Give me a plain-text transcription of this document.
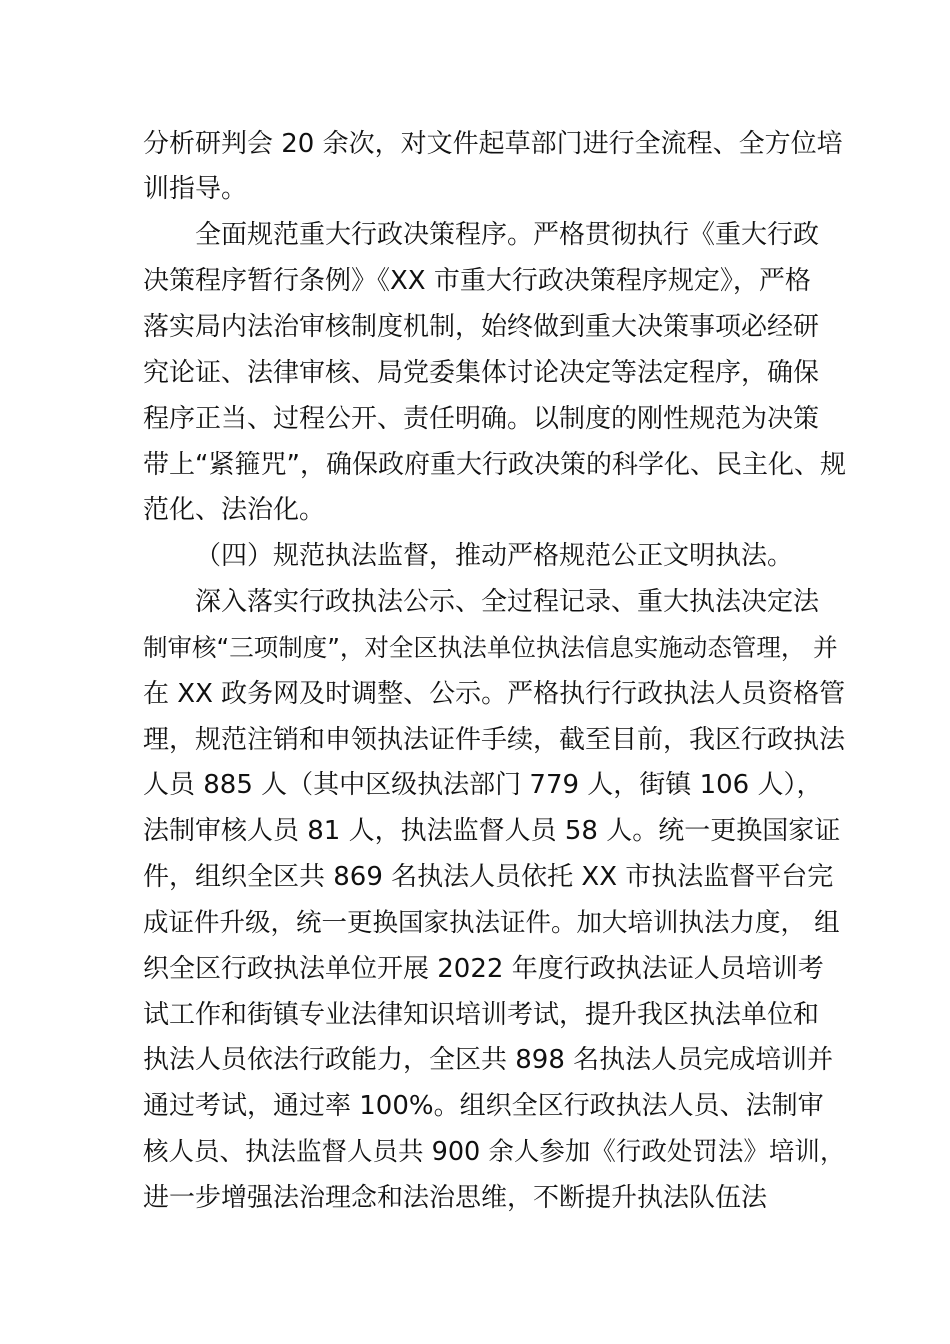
分析研判会 20 余次，对文件起草部门进行全流程、全方位培
训指导。
全面规范重大行政决策程序。严格贯彻执行《重大行政
决策程序暂行条例》《XX 市重大行政决策程序规定》，严格
落实局内法治审核制度机制，始终做到重大决策事项必经研
究论证、法律审核、局党委集体讨论决定等法定程序，确保
程序正当、过程公开、责任明确。以制度的刚性规范为决策
带上“紧箍咒”，确保政府重大行政决策的科学化、民主化、规
范化、法治化。
（四）规范执法监督，推动严格规范公正文明执法。
深入落实行政执法公示、全过程记录、重大执法决定法
制审核“三项制度”，对全区执法单位执法信息实施动态管理， 并
在 XX 政务网及时调整、公示。严格执行行政执法人员资格管
理，规范注销和申领执法证件手续，截至目前，我区行政执法
人员 885 人（其中区级执法部门 779 人，街镇 106 人），
法制审核人员 81 人，执法监督人员 58 人。统一更换国家证
件，组织全区共 869 名执法人员依托 XX 市执法监督平台完
成证件升级，统一更换国家执法证件。加大培训执法力度， 组
织全区行政执法单位开展 2022 年度行政执法证人员培训考
试工作和街镇专业法律知识培训考试，提升我区执法单位和
执法人员依法行政能力，全区共 898 名执法人员完成培训并
通过考试，通过率 100%。组织全区行政执法人员、法制审
核人员、执法监督人员共 900 余人参加《行政处罚法》培训，
进一步增强法治理念和法治思维，不断提升执法队伍法
